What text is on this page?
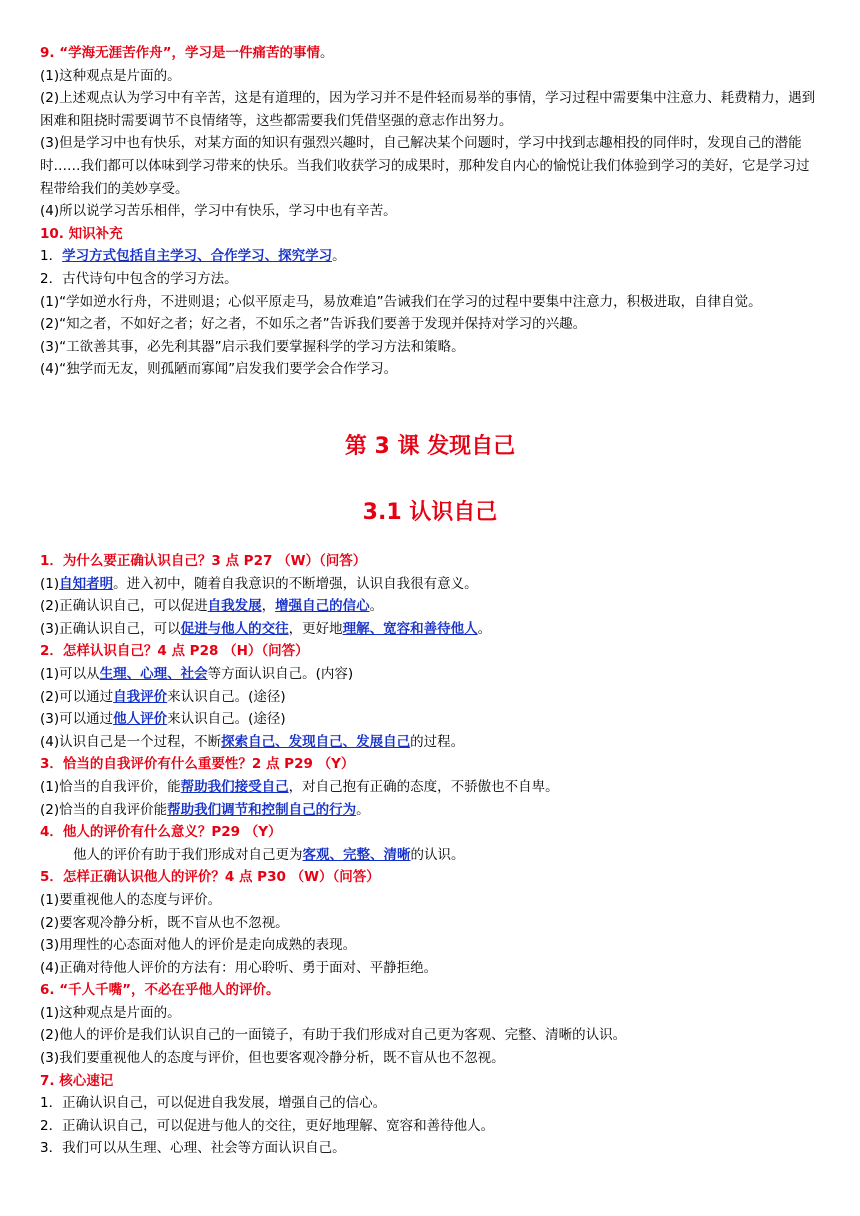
9. “学海无涯苦作舟”，学习是一件痛苦的事情。

(1)这种观点是片面的。

(2)上述观点认为学习中有辛苦，这是有道理的，因为学习并不是件轻而易举的事情，学习过程中需要集中注意力、耗费精力，遇到困难和阻挠时需要调节不良情绪等，这些都需要我们凭借坚强的意志作出努力。

(3)但是学习中也有快乐，对某方面的知识有强烈兴趣时，自己解决某个问题时，学习中找到志趣相投的同伴时，发现自己的潜能时……我们都可以体味到学习带来的快乐。当我们收获学习的成果时，那种发自内心的愉悦让我们体验到学习的美好，它是学习过程带给我们的美妙享受。

(4)所以说学习苦乐相伴，学习中有快乐，学习中也有辛苦。

10. 知识补充

1．学习方式包括自主学习、合作学习、探究学习。

2．古代诗句中包含的学习方法。

(1)“学如逆水行舟，不进则退；心似平原走马，易放难追”告诫我们在学习的过程中要集中注意力，积极进取，自律自觉。

(2)“知之者，不如好之者；好之者，不如乐之者”告诉我们要善于发现并保持对学习的兴趣。

(3)“工欲善其事，必先利其器”启示我们要掌握科学的学习方法和策略。

(4)“独学而无友，则孤陋而寡闻”启发我们要学会合作学习。

第 3 课 发现自己
3.1 认识自己

1．为什么要正确认识自己？3 点 P27 （W）（问答）

(1)自知者明。进入初中，随着自我意识的不断增强，认识自我很有意义。

(2)正确认识自己，可以促进自我发展，增强自己的信心。

(3)正确认识自己，可以促进与他人的交往，更好地理解、宽容和善待他人。

2．怎样认识自己？4 点 P28 （H）（问答）

(1)可以从生理、心理、社会等方面认识自己。(内容)

(2)可以通过自我评价来认识自己。(途径)

(3)可以通过他人评价来认识自己。(途径)

(4)认识自己是一个过程，不断探索自己、发现自己、发展自己的过程。

3．恰当的自我评价有什么重要性？2 点 P29 （Y）

(1)恰当的自我评价，能帮助我们接受自己，对自己抱有正确的态度，不骄傲也不自卑。

(2)恰当的自我评价能帮助我们调节和控制自己的行为。

4．他人的评价有什么意义？P29 （Y）

他人的评价有助于我们形成对自己更为客观、完整、清晰的认识。

5．怎样正确认识他人的评价？4 点 P30 （W）（问答）

(1)要重视他人的态度与评价。

(2)要客观冷静分析，既不盲从也不忽视。

(3)用理性的心态面对他人的评价是走向成熟的表现。

(4)正确对待他人评价的方法有：用心聆听、勇于面对、平静拒绝。

6. “千人千嘴”，不必在乎他人的评价。

(1)这种观点是片面的。

(2)他人的评价是我们认识自己的一面镜子，有助于我们形成对自己更为客观、完整、清晰的认识。

(3)我们要重视他人的态度与评价，但也要客观冷静分析，既不盲从也不忽视。

7. 核心速记

1．正确认识自己，可以促进自我发展，增强自己的信心。

2．正确认识自己，可以促进与他人的交往，更好地理解、宽容和善待他人。

3．我们可以从生理、心理、社会等方面认识自己。
